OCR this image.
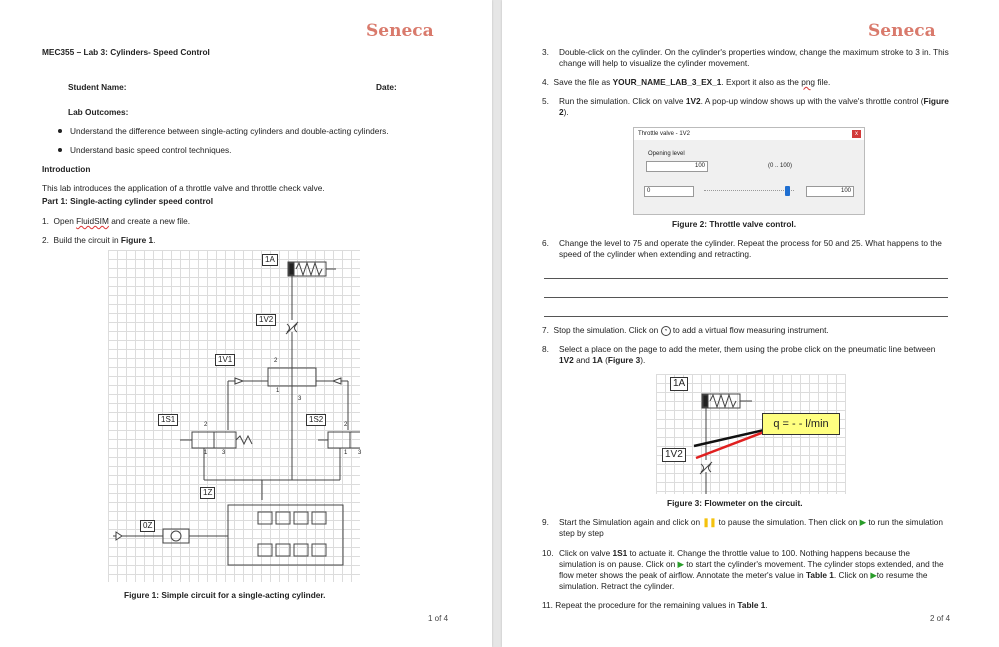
Seneca
MEC355 – Lab 3: Cylinders- Speed Control
Student Name:	Date:
Lab Outcomes:
Understand the difference between single-acting cylinders and double-acting cylinders.
Understand basic speed control techniques.
Introduction
This lab introduces the application of a throttle valve and throttle check valve.
Part 1: Single-acting cylinder speed control
1. Open FluidSIM and create a new file.
2. Build the circuit in Figure 1.
1A
1V2
1V1	2
1
3
1S1
2
1 3
1S2
2
1 3
1Z
0Z
Figure 1: Simple circuit for a single-acting cylinder.
1 of 4
Seneca
3. Double-click on the cylinder. On the cylinder's properties window, change the maximum stroke to 3 in. This change will help to visualize the cylinder movement.
4. Save the file as YOUR_NAME_LAB_3_EX_1. Export it also as the png file.
5. Run the simulation. Click on valve 1V2. A pop-up window shows up with the valve's throttle control (Figure 2).
Throttle valve - 1V2	x
Opening level
100	(0 .. 100)
0	100
Figure 2: Throttle valve control.
6. Change the level to 75 and operate the cylinder. Repeat the process for 50 and 25. What happens to the speed of the cylinder when extending and retracting.
7. Stop the simulation. Click on ◔ to add a virtual flow measuring instrument.
8. Select a place on the page to add the meter, them using the probe click on the pneumatic line between 1V2 and 1A (Figure 3).
1A
1V2
q = - - l/min
Figure 3: Flowmeter on the circuit.
9. Start the Simulation again and click on ❚❚ to pause the simulation. Then click on ▶ to run the simulation step by step
10. Click on valve 1S1 to actuate it. Change the throttle value to 100. Nothing happens because the simulation is on pause. Click on ▶ to start the cylinder's movement. The cylinder stops extended, and the flow meter shows the peak of airflow. Annotate the meter's value in Table 1. Click on ▶to resume the simulation. Retract the cylinder.
11. Repeat the procedure for the remaining values in Table 1.
2 of 4
